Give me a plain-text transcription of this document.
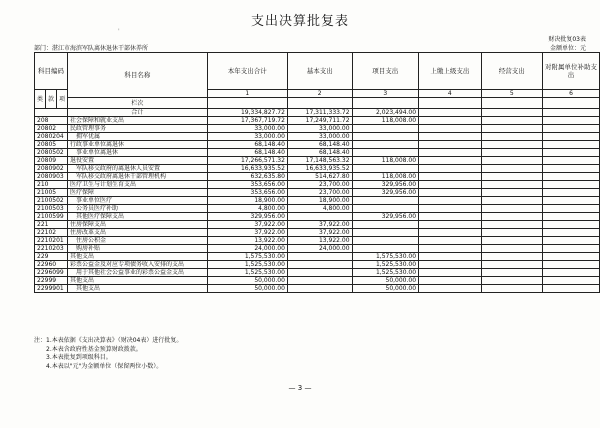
支出决算批复表
财决批复03表
部门：湛江市海滨军队离休退休干部休养所	金额单位：元
'
科目编码			科目名称	本年支出合计	基本支出	项目支出	上缴上级支出	经营支出	对附属单位补助支出
类	款	项		1	2	3	4	5	6
			栏次						
			合计	19,334,827.72	17,311,333.72	2,023,494.00			
208			社会保障和就业支出	17,367,719.72	17,249,711.72	118,008.00			
20802			民政管理事务	33,000.00	33,000.00				
2080204			　拥军优属	33,000.00	33,000.00				
20805			行政事业单位离退休	68,148.40	68,148.40				
2080502			　事业单位离退休	68,148.40	68,148.40				
20809			退役安置	17,266,571.32	17,148,563.32	118,008.00			
2080902			　军队移交政府的离退休人员安置	16,633,935.52	16,633,935.52				
2080903			　军队移交政府离退休干部管理机构	632,635.80	514,627.80	118,008.00			
210			医疗卫生与计划生育支出	353,656.00	23,700.00	329,956.00			
21005			医疗保障	353,656.00	23,700.00	329,956.00			
2100502			　事业单位医疗	18,900.00	18,900.00				
2100503			　公务员医疗补助	4,800.00	4,800.00				
2100599			　其他医疗保障支出	329,956.00		329,956.00			
221			住房保障支出	37,922.00	37,922.00				
22102			住房改革支出	37,922.00	37,922.00				
2210201			　住房公积金	13,922.00	13,922.00				
2210203			　购房补贴	24,000.00	24,000.00				
229			其他支出	1,575,530.00		1,575,530.00			
22960			彩票公益金及对应专项债务收入安排的支出	1,525,530.00		1,525,530.00			
2296099			　用于其他社会公益事业的彩票公益金支出	1,525,530.00		1,525,530.00			
22999			其他支出	50,000.00		50,000.00			
2299901			　其他支出	50,000.00		50,000.00			
注：1.本表依据《支出决算表》（财决04表）进行批复。
　　2.本表含政府性基金预算财政拨款。
　　3.本表批复到项级科目。
　　4.本表以"元"为金额单位（保留两位小数）。
— 3 —
